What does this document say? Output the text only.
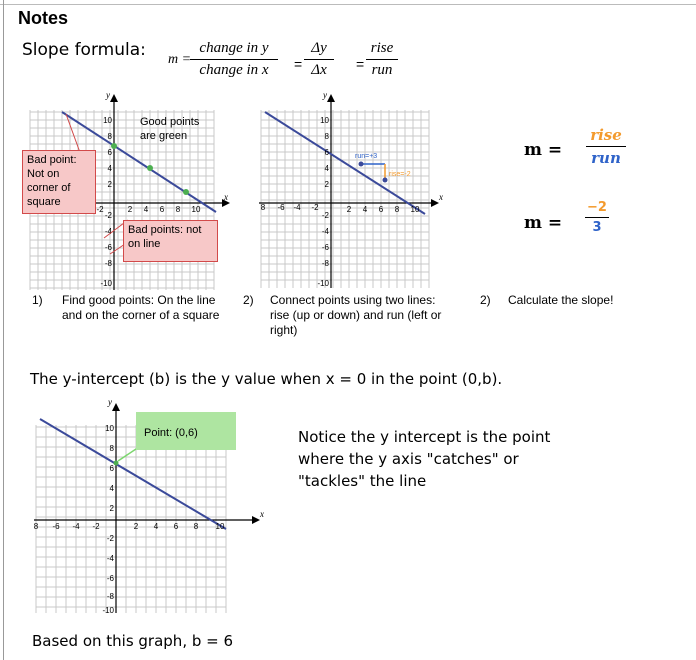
Notes
Slope formula: m =
change in y
change in x	=
Δy
Δx	=
rise
run
y
x
10
8
6
4
2
-2
-4
-6
-8
-10
2 4 6 8 10
-2
Bad point: Not on corner of square
Bad points: not on line
Good points are green
1) Find good points: On the line and on the corner of a square
y
x
run=+3
rise=-2
10
8
6
4
2
-2
-4
-6
-8
-10
8 -6 -4 -2	2 4 6 8 10
2) Connect points using two lines: rise (up or down) and run (left or right)
m =
rise
run
m =
−2
3
2) Calculate the slope!
The y-intercept (b) is the y value when x = 0 in the point (0,b).
y
x
10
8
6
4
2
-2
-4
-6
-8
-10
8 -6 -4 -2	2 4 6 8 10
Point: (0,6)	Notice the y intercept is the point where the y axis "catches" or "tackles" the line
Based on this graph, b = 6
